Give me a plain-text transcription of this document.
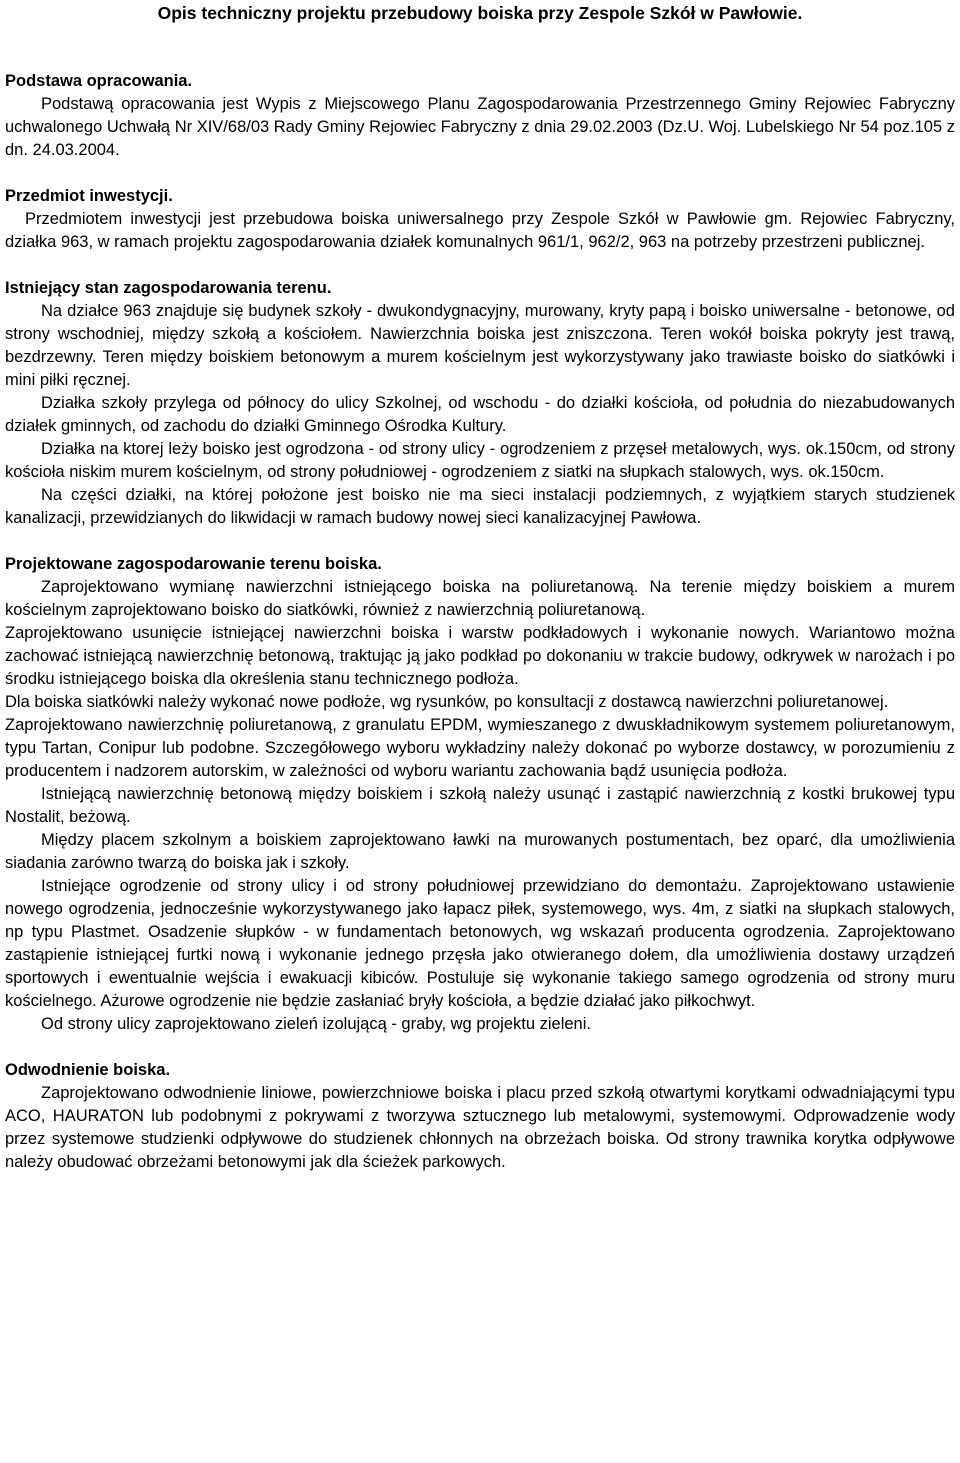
Opis techniczny projektu przebudowy boiska przy Zespole Szkół w Pawłowie.

Podstawa opracowania.

Podstawą opracowania jest Wypis z Miejscowego Planu Zagospodarowania Przestrzennego Gminy Rejowiec Fabryczny uchwalonego Uchwałą Nr XIV/68/03 Rady Gminy Rejowiec Fabryczny z dnia 29.02.2003 (Dz.U. Woj. Lubelskiego Nr 54 poz.105 z dn. 24.03.2004.

Przedmiot inwestycji.

Przedmiotem inwestycji jest przebudowa boiska uniwersalnego przy Zespole Szkół w Pawłowie gm. Rejowiec Fabryczny, działka 963, w ramach projektu zagospodarowania działek komunalnych 961/1, 962/2, 963 na potrzeby przestrzeni publicznej.

Istniejący stan zagospodarowania terenu.

Na działce 963 znajduje się budynek szkoły - dwukondygnacyjny, murowany, kryty papą i boisko uniwersalne - betonowe, od strony wschodniej, między szkołą a kościołem. Nawierzchnia boiska jest zniszczona. Teren wokół boiska pokryty jest trawą, bezdrzewny. Teren między boiskiem betonowym a murem kościelnym jest wykorzystywany jako trawiaste boisko do siatkówki i mini piłki ręcznej.

Działka szkoły przylega od północy do ulicy Szkolnej, od wschodu - do działki kościoła, od południa do niezabudowanych działek gminnych, od zachodu do działki Gminnego Ośrodka Kultury.

Działka na ktorej leży boisko jest ogrodzona - od strony ulicy - ogrodzeniem z przęseł metalowych, wys. ok.150cm, od strony kościoła niskim murem kościelnym, od strony południowej - ogrodzeniem z siatki na słupkach stalowych, wys. ok.150cm.

Na części działki, na której położone jest boisko nie ma sieci instalacji podziemnych, z wyjątkiem starych studzienek kanalizacji, przewidzianych do likwidacji w ramach budowy nowej sieci kanalizacyjnej Pawłowa.

Projektowane zagospodarowanie terenu boiska.

Zaprojektowano wymianę nawierzchni istniejącego boiska na poliuretanową. Na terenie między boiskiem a murem kościelnym zaprojektowano boisko do siatkówki, również z nawierzchnią poliuretanową.

Zaprojektowano usunięcie istniejącej nawierzchni boiska i warstw podkładowych i wykonanie nowych. Wariantowo można zachować istniejącą nawierzchnię betonową, traktując ją jako podkład po dokonaniu w trakcie budowy, odkrywek w narożach i po środku istniejącego boiska dla określenia stanu technicznego podłoża.

Dla boiska siatkówki należy wykonać nowe podłoże, wg rysunków, po konsultacji z dostawcą nawierzchni poliuretanowej.

Zaprojektowano nawierzchnię poliuretanową, z granulatu EPDM, wymieszanego z dwuskładnikowym systemem poliuretanowym, typu Tartan, Conipur lub podobne. Szczegółowego wyboru wykładziny należy dokonać po wyborze dostawcy, w porozumieniu z producentem i nadzorem autorskim, w zależności od wyboru wariantu zachowania bądź usunięcia podłoża.

Istniejącą nawierzchnię betonową między boiskiem i szkołą należy usunąć i zastąpić nawierzchnią z kostki brukowej typu Nostalit, beżową.

Między placem szkolnym a boiskiem zaprojektowano ławki na murowanych postumentach, bez oparć, dla umożliwienia siadania zarówno twarzą do boiska jak i szkoły.

Istniejące ogrodzenie od strony ulicy i od strony południowej przewidziano do demontażu. Zaprojektowano ustawienie nowego ogrodzenia, jednocześnie wykorzystywanego jako łapacz piłek, systemowego, wys. 4m, z siatki na słupkach stalowych, np typu Plastmet. Osadzenie słupków - w fundamentach betonowych, wg wskazań producenta ogrodzenia. Zaprojektowano zastąpienie istniejącej furtki nową i wykonanie jednego przęsła jako otwieranego dołem, dla umożliwienia dostawy urządzeń sportowych i ewentualnie wejścia i ewakuacji kibiców. Postuluje się wykonanie takiego samego ogrodzenia od strony muru kościelnego. Ażurowe ogrodzenie nie będzie zasłaniać bryły kościoła, a będzie działać jako piłkochwyt.

Od strony ulicy zaprojektowano zieleń izolującą - graby, wg projektu zieleni.

Odwodnienie boiska.

Zaprojektowano odwodnienie liniowe, powierzchniowe boiska i placu przed szkołą otwartymi korytkami odwadniającymi typu ACO, HAURATON lub podobnymi z pokrywami z tworzywa sztucznego lub metalowymi, systemowymi. Odprowadzenie wody przez systemowe studzienki odpływowe do studzienek chłonnych na obrzeżach boiska. Od strony trawnika korytka odpływowe należy obudować obrzeżami betonowymi jak dla ścieżek parkowych.
